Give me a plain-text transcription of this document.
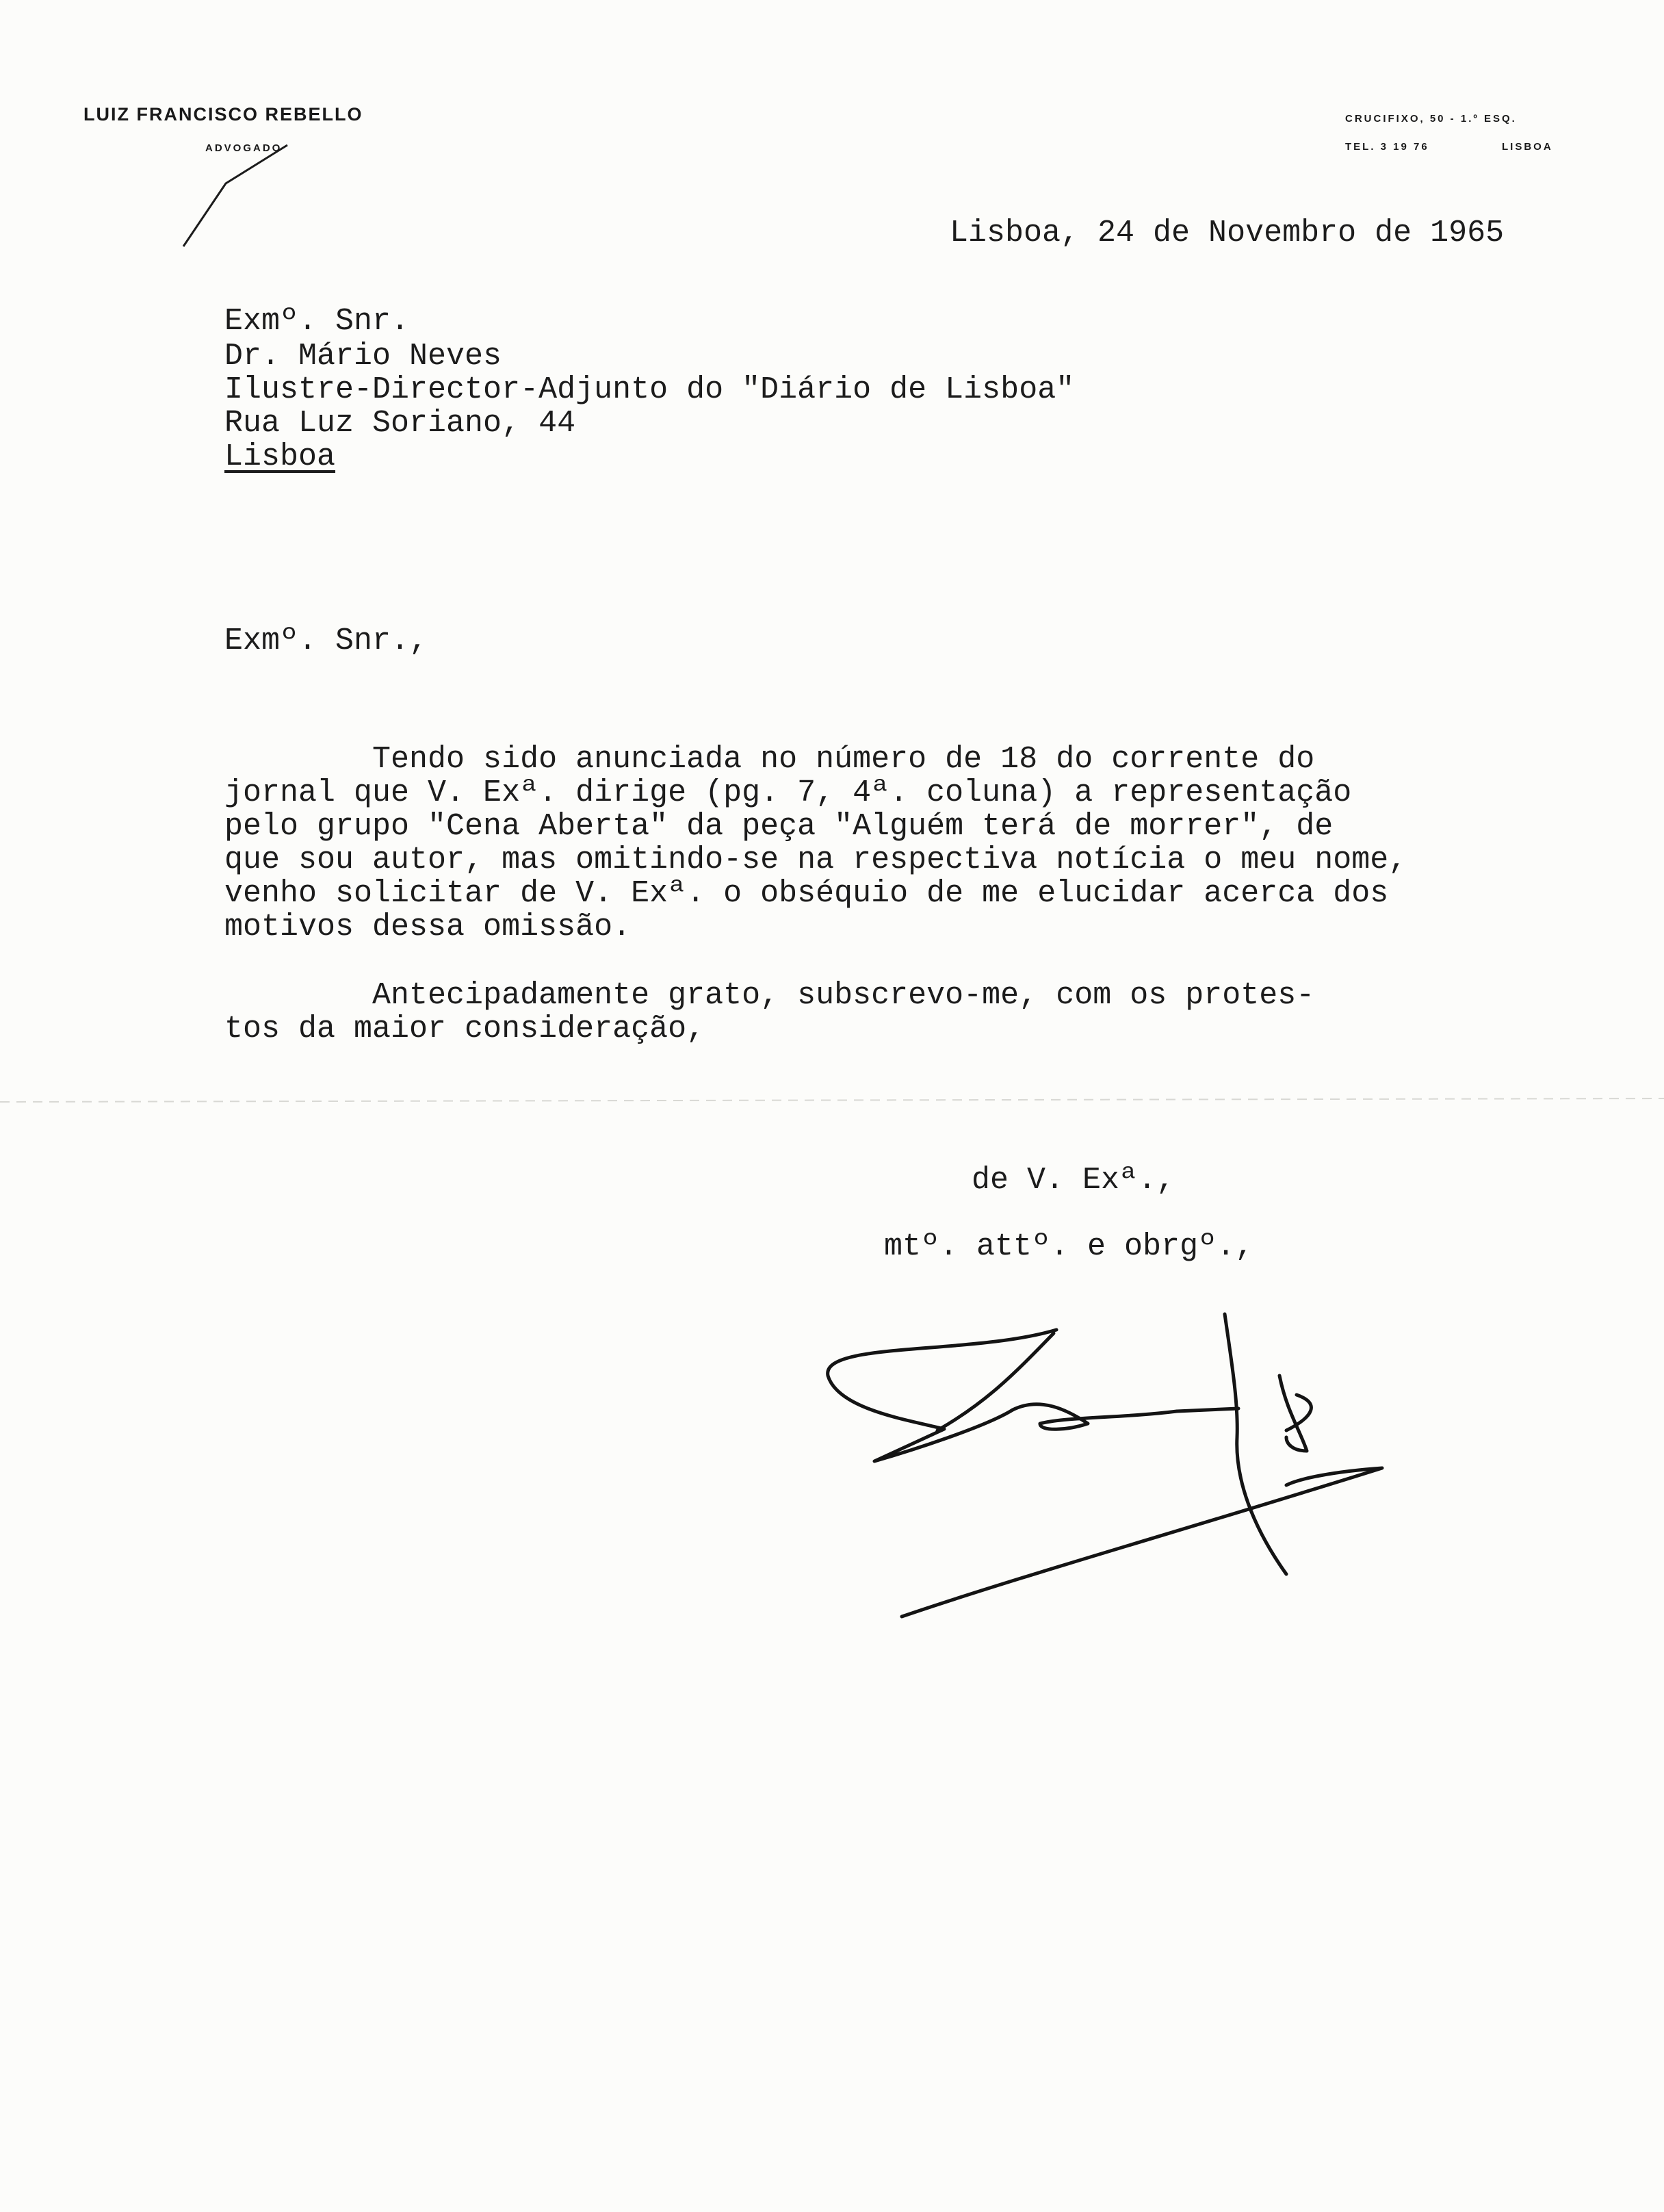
LUIZ FRANCISCO REBELLO
ADVOGADO
CRUCIFIXO, 50 - 1.º ESQ.
TEL. 3 19 76	LISBOA
Lisboa, 24 de Novembro de 1965
Exmº. Snr.
Dr. Mário Neves
Ilustre-Director-Adjunto do "Diário de Lisboa"
Rua Luz Soriano, 44
Lisboa
Exmº. Snr.,
Tendo sido anunciada no número de 18 do corrente do
jornal que V. Exª. dirige (pg. 7, 4ª. coluna) a representação
pelo grupo "Cena Aberta" da peça "Alguém terá de morrer", de
que sou autor, mas omitindo-se na respectiva notícia o meu nome,
venho solicitar de V. Exª. o obséquio de me elucidar acerca dos
motivos dessa omissão.
Antecipadamente grato, subscrevo-me, com os protes-
tos da maior consideração,
de V. Exª.,
mtº. attº. e obrgº.,
